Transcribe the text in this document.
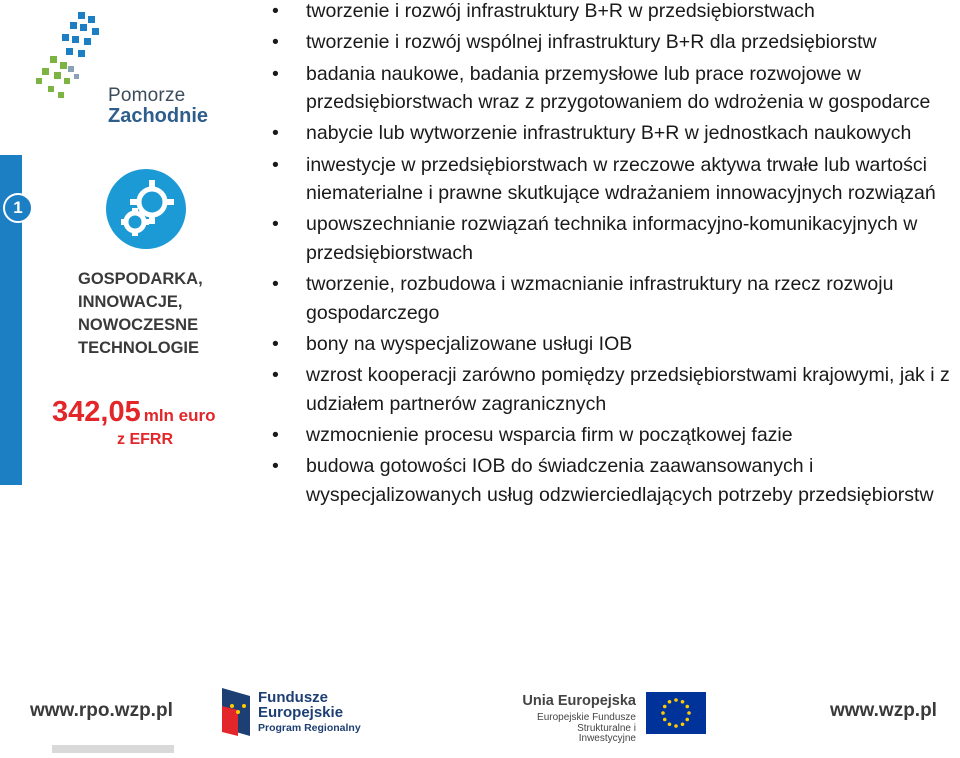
Pomorze
Zachodnie
1
GOSPODARKA,
INNOWACJE,
NOWOCZESNE
TECHNOLOGIE
342,05 mln euro
z EFRR
• tworzenie i rozwój infrastruktury B+R w przedsiębiorstwach
• tworzenie i rozwój wspólnej infrastruktury B+R dla przedsiębiorstw
• badania naukowe, badania przemysłowe lub prace rozwojowe w przedsiębiorstwach wraz z przygotowaniem do wdrożenia w gospodarce
• nabycie lub wytworzenie infrastruktury B+R w jednostkach naukowych
• inwestycje w przedsiębiorstwach w rzeczowe aktywa trwałe lub wartości niematerialne i prawne skutkujące wdrażaniem innowacyjnych rozwiązań
• upowszechnianie rozwiązań technika informacyjno-komunikacyjnych w przedsiębiorstwach
• tworzenie, rozbudowa i wzmacnianie infrastruktury na rzecz rozwoju gospodarczego
• bony na wyspecjalizowane usługi IOB
• wzrost kooperacji zarówno pomiędzy przedsiębiorstwami krajowymi, jak i z udziałem partnerów zagranicznych
• wzmocnienie procesu wsparcia firm w początkowej fazie
• budowa gotowości IOB do świadczenia zaawansowanych i wyspecjalizowanych usług odzwierciedlających potrzeby przedsiębiorstw
www.rpo.wzp.pl
Fundusze
Europejskie
Program Regionalny
Unia Europejska
Europejskie Fundusze
Strukturalne i Inwestycyjne
www.wzp.pl
